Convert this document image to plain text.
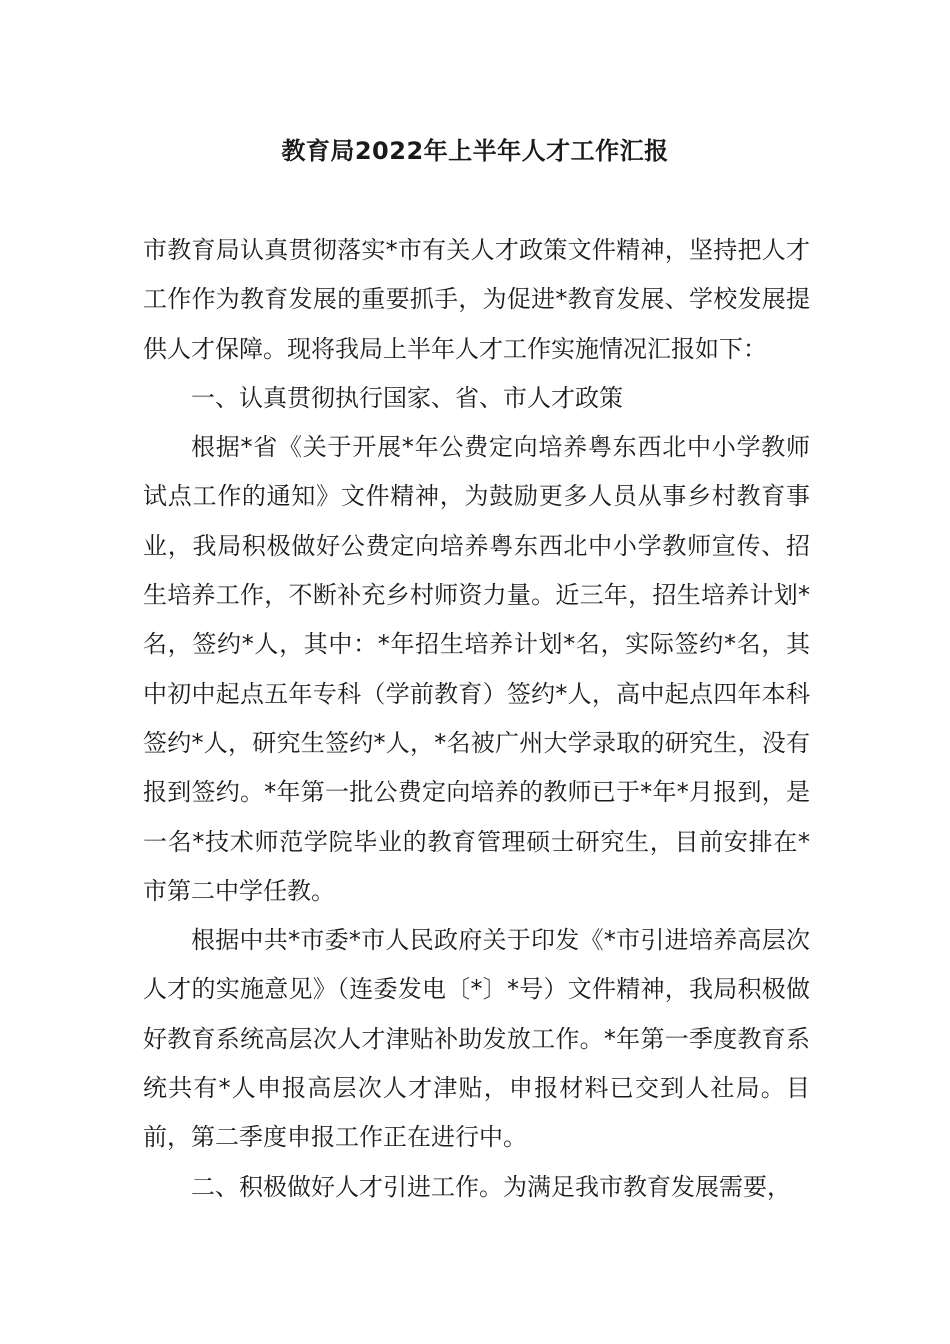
教育局2022年上半年人才工作汇报

市教育局认真贯彻落实*市有关人才政策文件精神，坚持把人才工作作为教育发展的重要抓手，为促进*教育发展、学校发展提供人才保障。现将我局上半年人才工作实施情况汇报如下：

一、认真贯彻执行国家、省、市人才政策

根据*省《关于开展*年公费定向培养粤东西北中小学教师试点工作的通知》文件精神，为鼓励更多人员从事乡村教育事业，我局积极做好公费定向培养粤东西北中小学教师宣传、招生培养工作，不断补充乡村师资力量。近三年，招生培养计划*名，签约*人，其中：*年招生培养计划*名，实际签约*名，其中初中起点五年专科（学前教育）签约*人，高中起点四年本科签约*人，研究生签约*人，*名被广州大学录取的研究生，没有报到签约。*年第一批公费定向培养的教师已于*年*月报到，是一名*技术师范学院毕业的教育管理硕士研究生，目前安排在*市第二中学任教。

根据中共*市委*市人民政府关于印发《*市引进培养高层次人才的实施意见》（连委发电〔*〕*号）文件精神，我局积极做好教育系统高层次人才津贴补助发放工作。*年第一季度教育系统共有*人申报高层次人才津贴，申报材料已交到人社局。目前，第二季度申报工作正在进行中。

二、积极做好人才引进工作。为满足我市教育发展需要，
